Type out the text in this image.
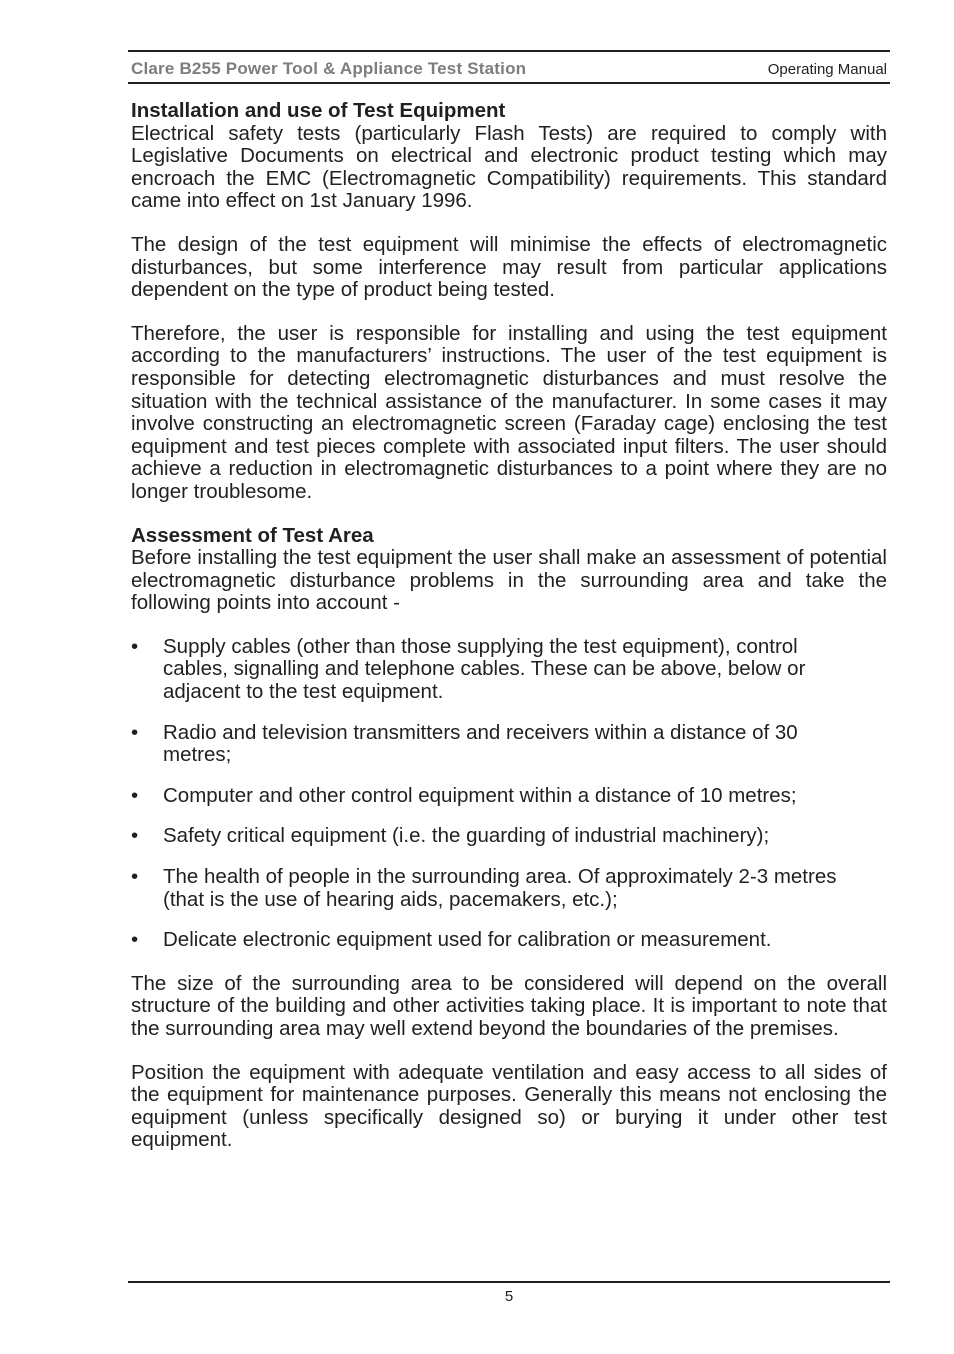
Clare B255 Power Tool & Appliance Test Station	Operating Manual

Installation and use of Test Equipment

Electrical safety tests (particularly Flash Tests) are required to comply with Legislative Documents on electrical and electronic product testing which may encroach the EMC (Electromagnetic Compatibility) requirements. This standard came into effect on 1st January 1996.

The design of the test equipment will minimise the effects of electromagnetic disturbances, but some interference may result from particular applications dependent on the type of product being tested.

Therefore, the user is responsible for installing and using the test equipment according to the manufacturers’ instructions. The user of the test equipment is responsible for detecting electromagnetic disturbances and must resolve the situation with the technical assistance of the manufacturer. In some cases it may involve constructing an electromagnetic screen (Faraday cage) enclosing the test equipment and test pieces complete with associated input filters. The user should achieve a reduction in electromagnetic disturbances to a point where they are no longer troublesome.

Assessment of Test Area

Before installing the test equipment the user shall make an assessment of potential electromagnetic disturbance problems in the surrounding area and take the following points into account -

• Supply cables (other than those supplying the test equipment), control cables, signalling and telephone cables. These can be above, below or adjacent to the test equipment.
• Radio and television transmitters and receivers within a distance of 30 metres;
• Computer and other control equipment within a distance of 10 metres;
• Safety critical equipment (i.e. the guarding of industrial machinery);
• The health of people in the surrounding area. Of approximately 2-3 metres (that is the use of hearing aids, pacemakers, etc.);
• Delicate electronic equipment used for calibration or measurement.

The size of the surrounding area to be considered will depend on the overall structure of the building and other activities taking place. It is important to note that the surrounding area may well extend beyond the boundaries of the premises.

Position the equipment with adequate ventilation and easy access to all sides of the equipment for maintenance purposes. Generally this means not enclosing the equipment (unless specifically designed so) or burying it under other test equipment.

5
